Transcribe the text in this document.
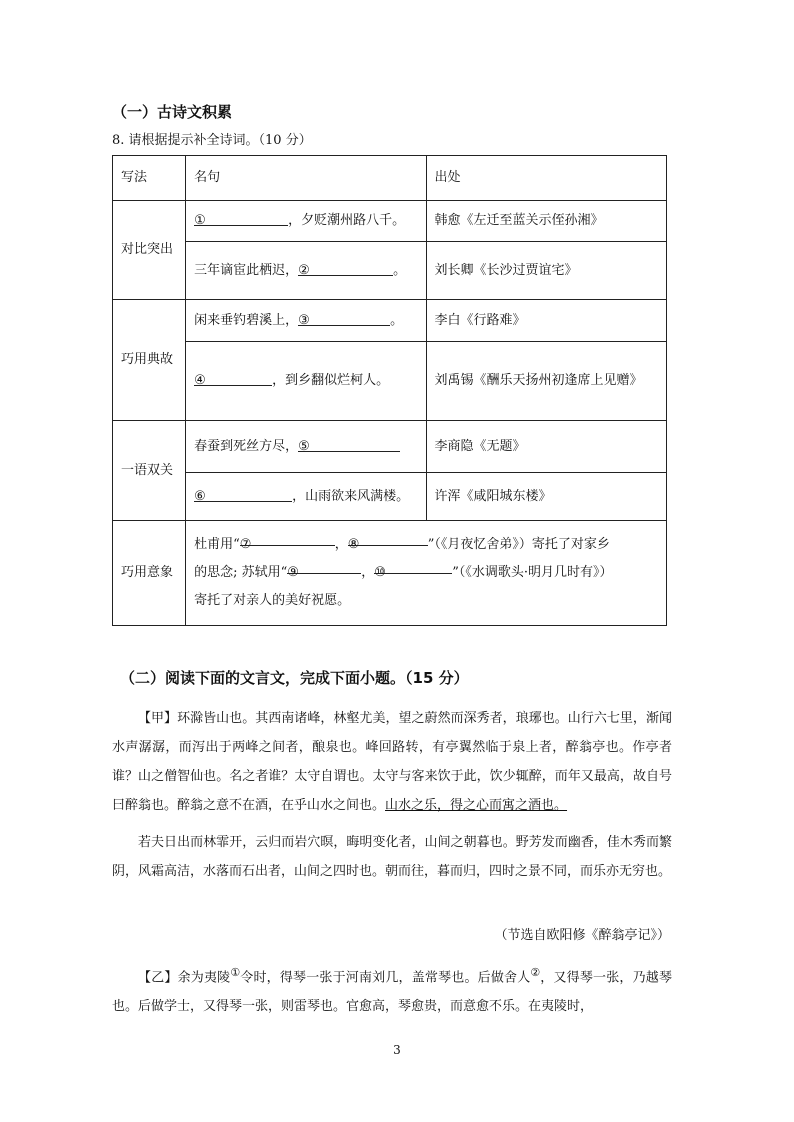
（一）古诗文积累

8. 请根据提示补全诗词。（10 分）

写法	名句	出处
对比突出	① ，夕贬潮州路八千。	韩愈《左迁至蓝关示侄孙湘》
	三年谪宦此栖迟，② 。	刘长卿《长沙过贾谊宅》
巧用典故	闲来垂钓碧溪上，③ 。	李白《行路难》
	④ ，到乡翻似烂柯人。	刘禹锡《酬乐天扬州初逢席上见赠》
一语双关	春蚕到死丝方尽，⑤	李商隐《无题》
	⑥ ，山雨欲来风满楼。	许浑《咸阳城东楼》
巧用意象	杜甫用“⑦ ，⑧ ”（《月夜忆舍弟》）寄托了对家乡
的思念; 苏轼用“⑨ ，⑩ ”（《水调歌头·明月几时有》）
寄托了对亲人的美好祝愿。	

（二）阅读下面的文言文，完成下面小题。（15 分）

【甲】环滁皆山也。其西南诸峰，林壑尤美，望之蔚然而深秀者，琅琊也。山行六七里，渐闻水声潺潺，而泻出于两峰之间者，酿泉也。峰回路转，有亭翼然临于泉上者，醉翁亭也。作亭者谁？山之僧智仙也。名之者谁？太守自谓也。太守与客来饮于此，饮少辄醉，而年又最高，故自号曰醉翁也。醉翁之意不在酒，在乎山水之间也。山水之乐，得之心而寓之酒也。

若夫日出而林霏开，云归而岩穴暝，晦明变化者，山间之朝暮也。野芳发而幽香，佳木秀而繁阴，风霜高洁，水落而石出者，山间之四时也。朝而往，暮而归，四时之景不同，而乐亦无穷也。

（节选自欧阳修《醉翁亭记》）

【乙】余为夷陵①令时，得琴一张于河南刘几，盖常琴也。后做舍人②，又得琴一张，乃越琴也。后做学士，又得琴一张，则雷琴也。官愈高，琴愈贵，而意愈不乐。在夷陵时，

3
